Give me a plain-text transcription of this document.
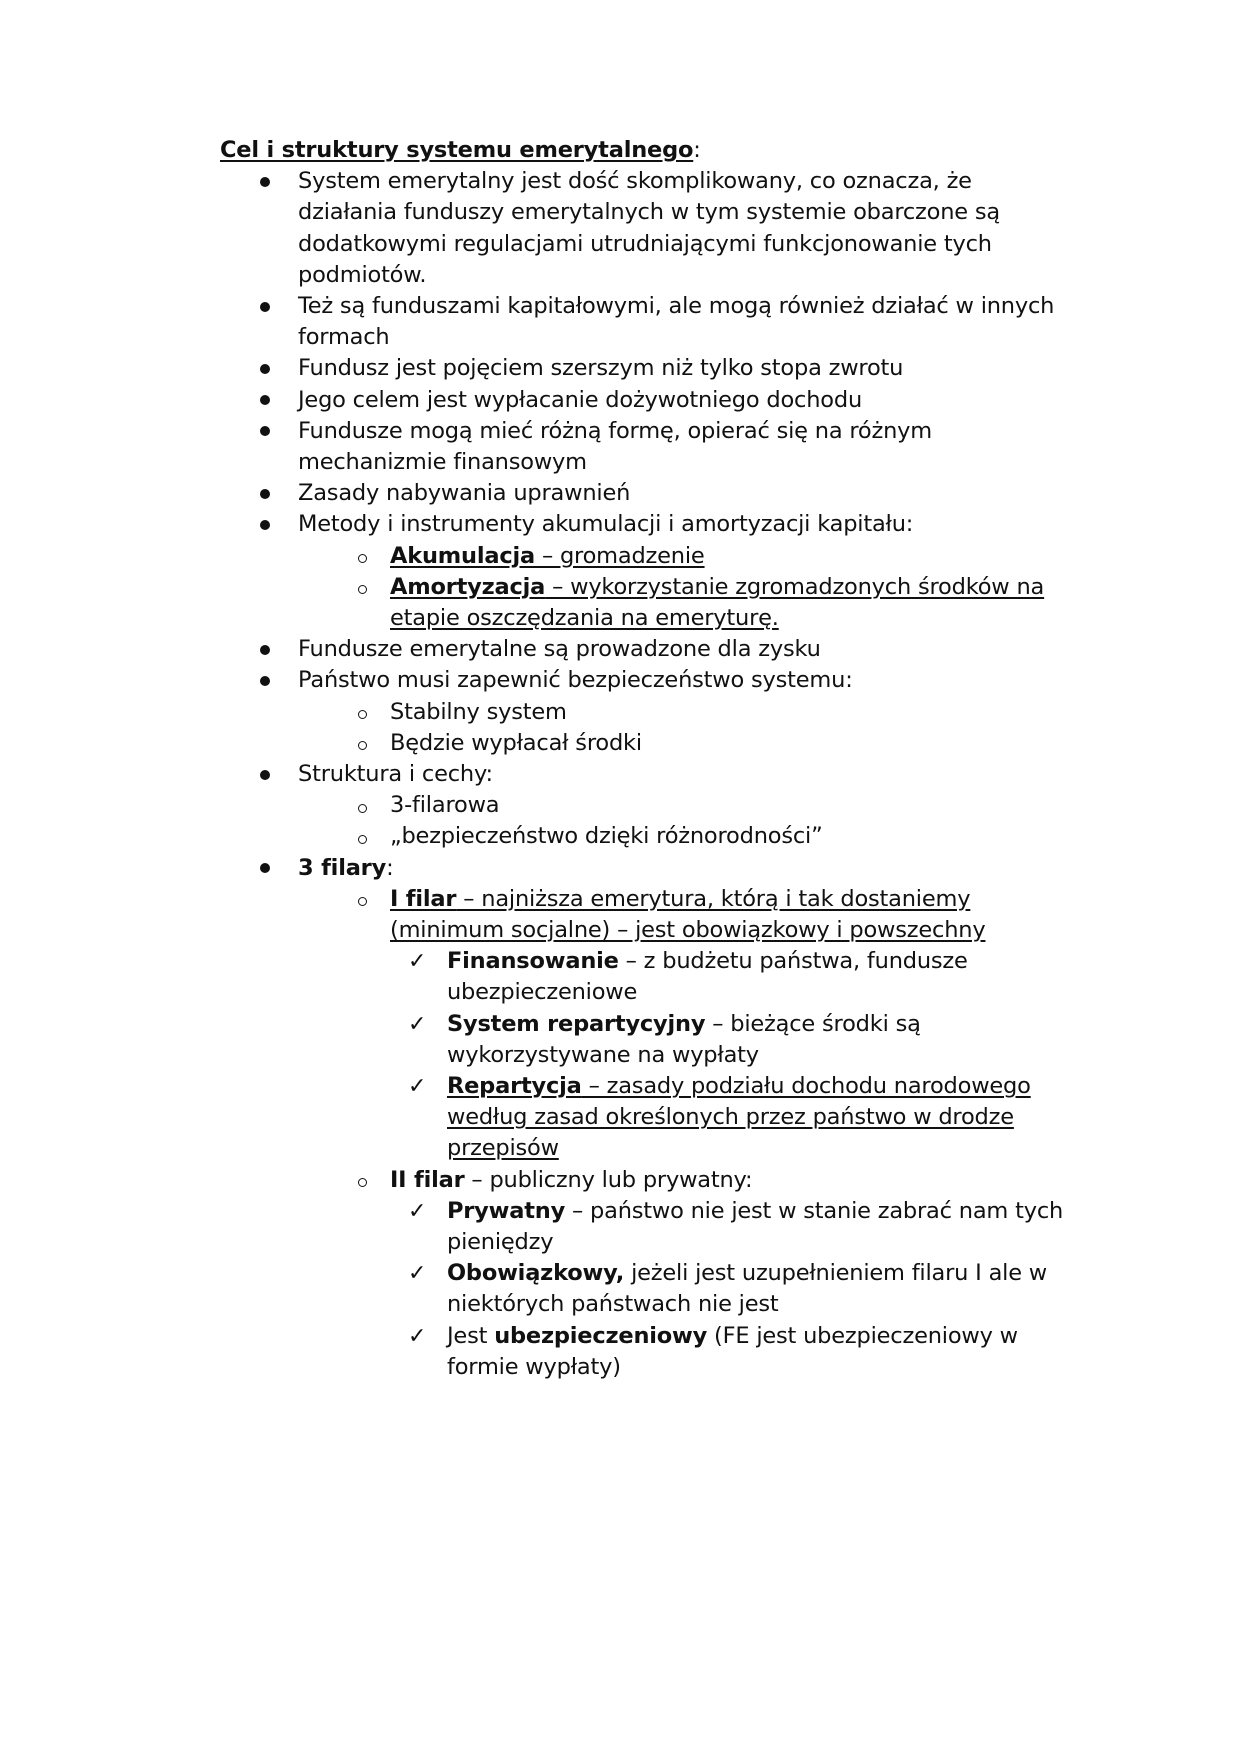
Cel i struktury systemu emerytalnego:
System emerytalny jest dość skomplikowany, co oznacza, że
działania funduszy emerytalnych w tym systemie obarczone są
dodatkowymi regulacjami utrudniającymi funkcjonowanie tych
podmiotów.
Też są funduszami kapitałowymi, ale mogą również działać w innych
formach
Fundusz jest pojęciem szerszym niż tylko stopa zwrotu
Jego celem jest wypłacanie dożywotniego dochodu
Fundusze mogą mieć różną formę, opierać się na różnym
mechanizmie finansowym
Zasady nabywania uprawnień
Metody i instrumenty akumulacji i amortyzacji kapitału:
Akumulacja – gromadzenie
Amortyzacja – wykorzystanie zgromadzonych środków na
etapie oszczędzania na emeryturę.
Fundusze emerytalne są prowadzone dla zysku
Państwo musi zapewnić bezpieczeństwo systemu:
Stabilny system
Będzie wypłacał środki
Struktura i cechy:
3-filarowa
„bezpieczeństwo dzięki różnorodności”
3 filary:
I filar – najniższa emerytura, którą i tak dostaniemy
(minimum socjalne) – jest obowiązkowy i powszechny
✓ Finansowanie – z budżetu państwa, fundusze
ubezpieczeniowe
✓ System repartycyjny – bieżące środki są
wykorzystywane na wypłaty
✓ Repartycja – zasady podziału dochodu narodowego
według zasad określonych przez państwo w drodze
przepisów
II filar – publiczny lub prywatny:
✓ Prywatny – państwo nie jest w stanie zabrać nam tych
pieniędzy
✓ Obowiązkowy, jeżeli jest uzupełnieniem filaru I ale w
niektórych państwach nie jest
✓ Jest ubezpieczeniowy (FE jest ubezpieczeniowy w
formie wypłaty)
